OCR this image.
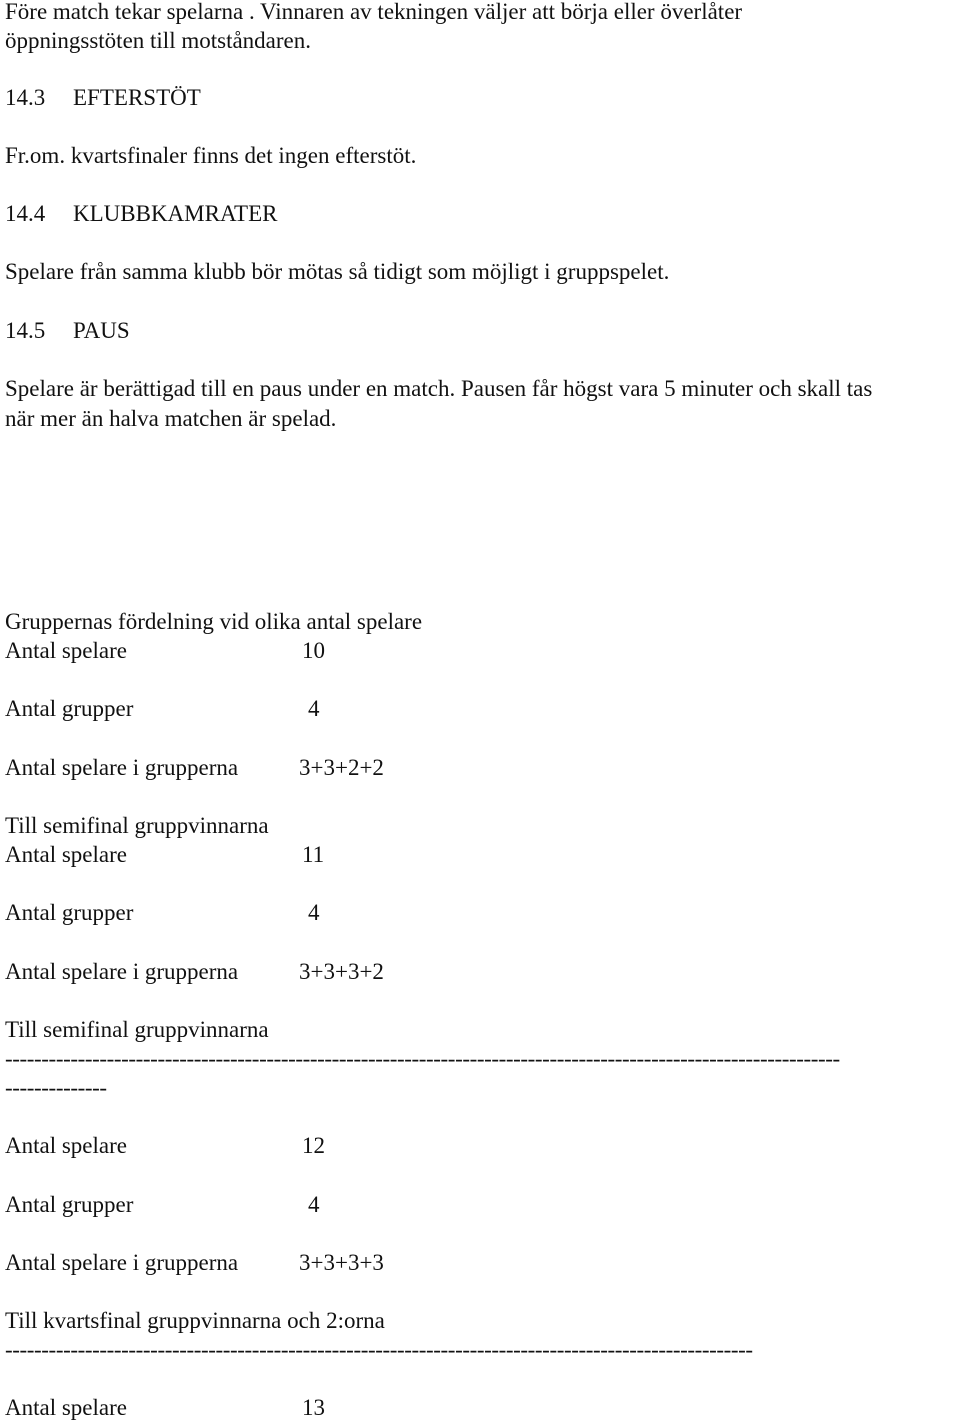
Före match tekar spelarna . Vinnaren av tekningen väljer att börja eller överlåter
öppningsstöten till motståndaren.
14.3 EFTERSTÖT
Fr.om. kvartsfinaler finns det ingen efterstöt.
14.4 KLUBBKAMRATER
Spelare från samma klubb bör mötas så tidigt som möjligt i gruppspelet.
14.5 PAUS
Spelare är berättigad till en paus under en match. Pausen får högst vara 5 minuter och skall tas
när mer än halva matchen är spelad.
Gruppernas fördelning vid olika antal spelare
Antal spelare	10
Antal grupper	4
Antal spelare i grupperna	3+3+2+2
Till semifinal gruppvinnarna
Antal spelare	11
Antal grupper	4
Antal spelare i grupperna	3+3+3+2
Till semifinal gruppvinnarna
-------------------------------------------------------------------------------------------------------------------
--------------
Antal spelare	12
Antal grupper	4
Antal spelare i grupperna	3+3+3+3
Till kvartsfinal gruppvinnarna och 2:orna
-------------------------------------------------------------------------------------------------------
Antal spelare	13
